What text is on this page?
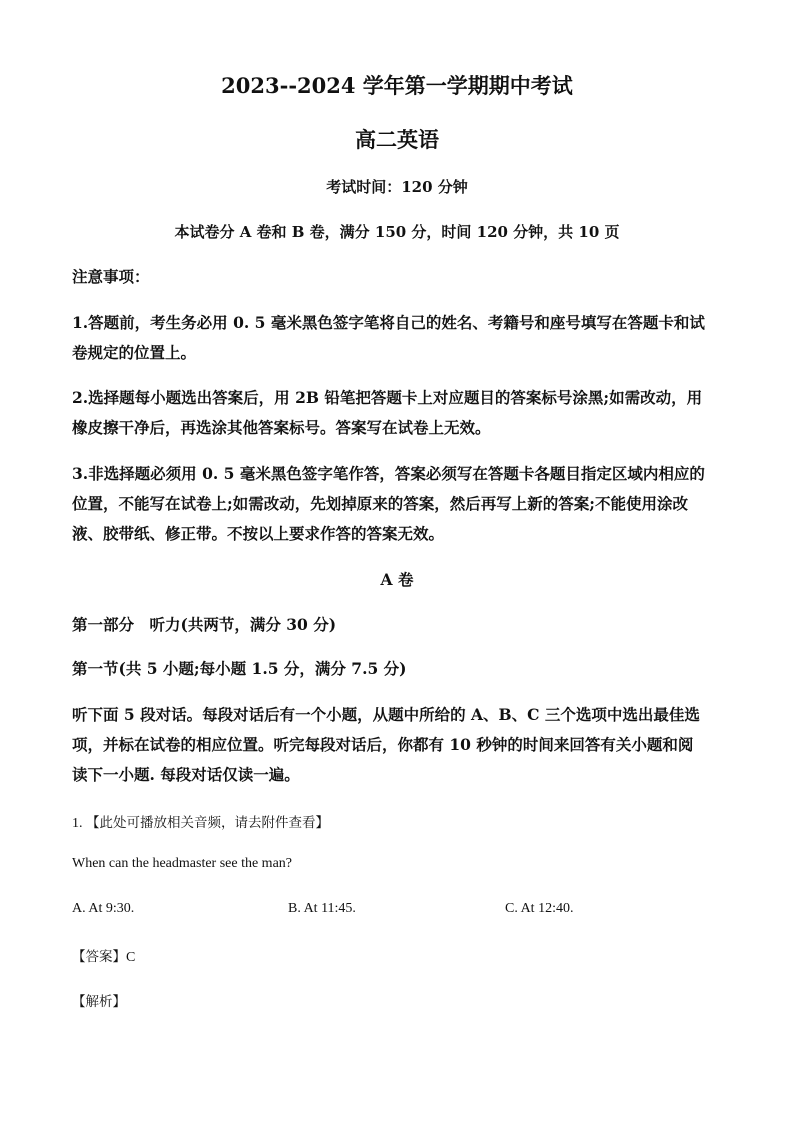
2023--2024 学年第一学期期中考试
高二英语
考试时间：120 分钟
本试卷分 A 卷和 B 卷，满分 150 分，时间 120 分钟，共 10 页
注意事项：
1.答题前，考生务必用 0. 5 毫米黑色签字笔将自己的姓名、考籍号和座号填写在答题卡和试
卷规定的位置上。
2.选择题每小题选出答案后，用 2B 铅笔把答题卡上对应题目的答案标号涂黑;如需改动，用
橡皮擦干净后，再选涂其他答案标号。答案写在试卷上无效。
3.非选择题必须用 0. 5 毫米黑色签字笔作答，答案必须写在答题卡各题目指定区域内相应的
位置，不能写在试卷上;如需改动，先划掉原来的答案，然后再写上新的答案;不能使用涂改
液、胶带纸、修正带。不按以上要求作答的答案无效。
A 卷
第一部分　听力(共两节，满分 30 分)
第一节(共 5 小题;每小题 1.5 分，满分 7.5 分)
听下面 5 段对话。每段对话后有一个小题，从题中所给的 A、B、C 三个选项中选出最佳选
项，并标在试卷的相应位置。听完每段对话后，你都有 10 秒钟的时间来回答有关小题和阅
读下一小题. 每段对话仅读一遍。
1. 【此处可播放相关音频，请去附件查看】
When can the headmaster see the man?
A. At 9:30.	B. At 11:45.	C. At 12:40.
【答案】C
【解析】
